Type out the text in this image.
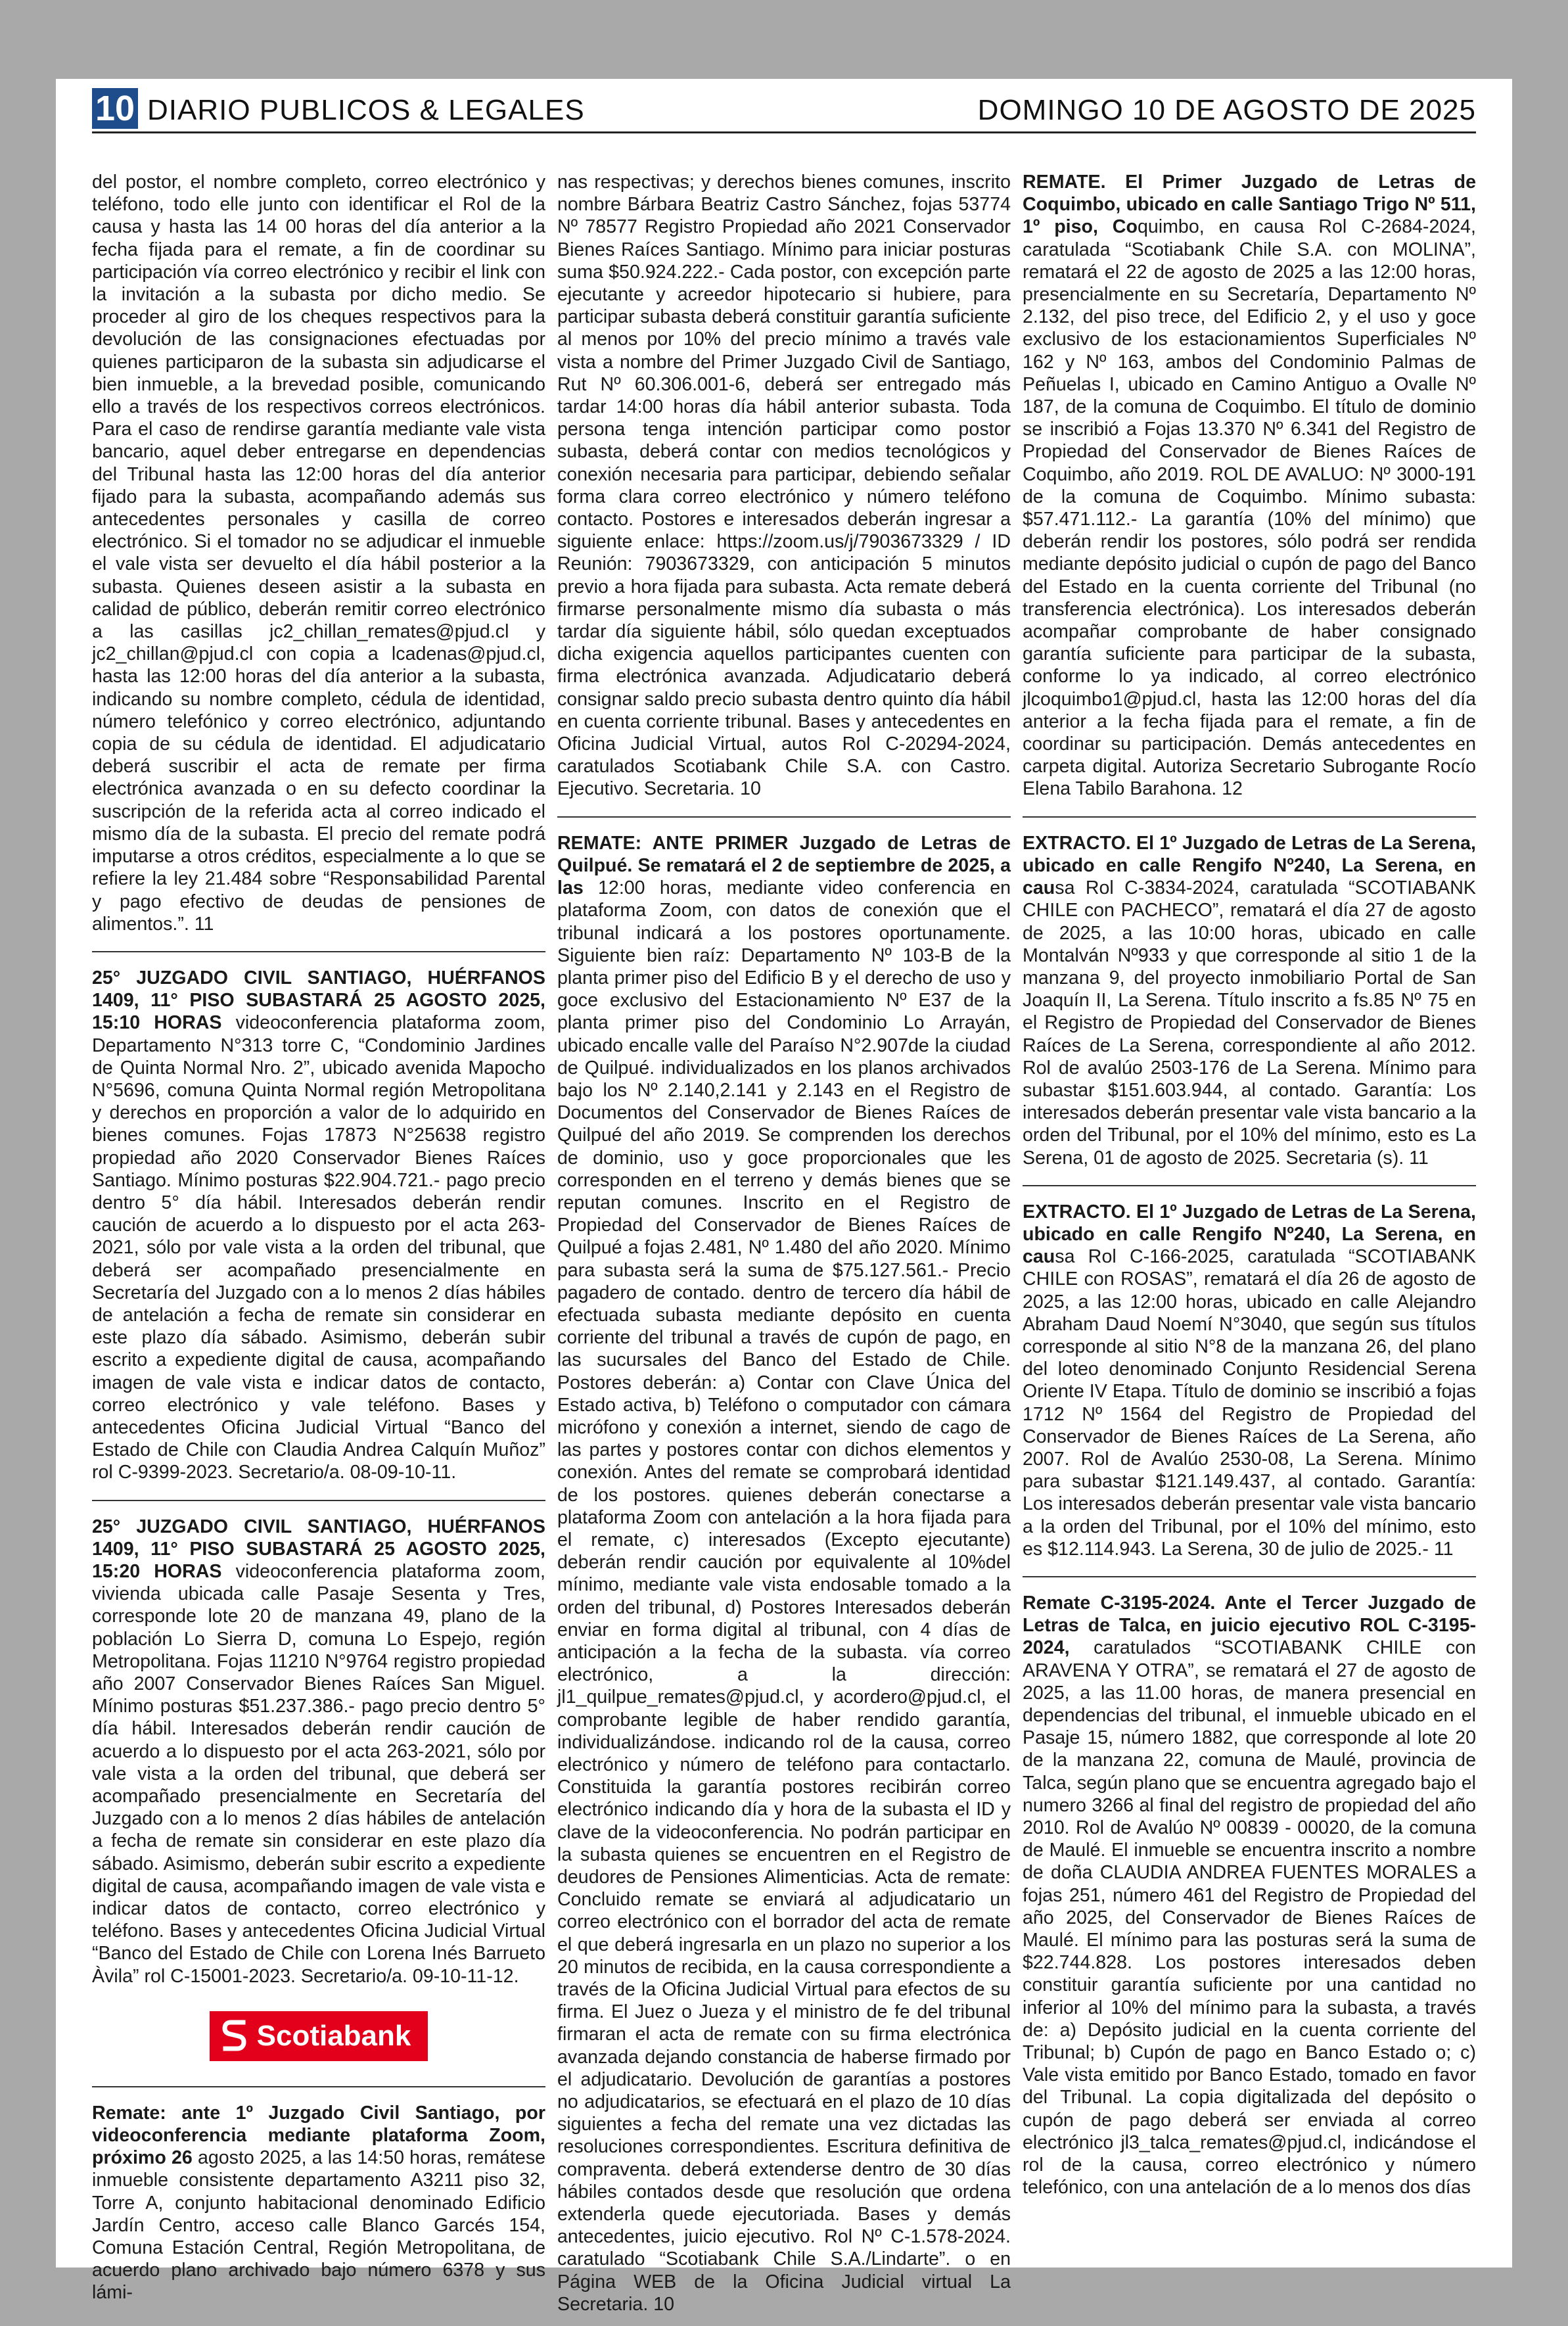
10 DIARIO PUBLICOS & LEGALES	DOMINGO 10 DE AGOSTO DE 2025

del postor, el nombre completo, correo electrónico y teléfono, todo elle junto con identificar el Rol de la causa y hasta las 14 00 horas del día anterior a la fecha fijada para el remate, a fin de coordinar su participación vía correo electrónico y recibir el link con la invitación a la subasta por dicho medio. Se proceder al giro de los cheques respectivos para la devolución de las consignaciones efectuadas por quienes participaron de la subasta sin adjudicarse el bien inmueble, a la brevedad posible, comunicando ello a través de los respectivos correos electrónicos. Para el caso de rendirse garantía mediante vale vista bancario, aquel deber entregarse en dependencias del Tribunal hasta las 12:00 horas del día anterior fijado para la subasta, acompañando además sus antecedentes personales y casilla de correo electrónico. Si el tomador no se adjudicar el inmueble el vale vista ser devuelto el día hábil posterior a la subasta. Quienes deseen asistir a la subasta en calidad de público, deberán remitir correo electrónico a las casillas jc2_chillan_remates@pjud.cl y jc2_chillan@pjud.cl con copia a lcadenas@pjud.cl, hasta las 12:00 horas del día anterior a la subasta, indicando su nombre completo, cédula de identidad, número telefónico y correo electrónico, adjuntando copia de su cédula de identidad. El adjudicatario deberá suscribir el acta de remate per firma electrónica avanzada o en su defecto coordinar la suscripción de la referida acta al correo indicado el mismo día de la subasta. El precio del remate podrá imputarse a otros créditos, especialmente a lo que se refiere la ley 21.484 sobre “Responsabilidad Parental y pago efectivo de deudas de pensiones de alimentos.”. 11

25° JUZGADO CIVIL SANTIAGO, HUÉRFANOS 1409, 11° PISO SUBASTARÁ 25 AGOSTO 2025, 15:10 HORAS videoconferencia plataforma zoom, Departamento N°313 torre C, “Condominio Jardines de Quinta Normal Nro. 2”, ubicado avenida Mapocho N°5696, comuna Quinta Normal región Metropolitana y derechos en proporción a valor de lo adquirido en bienes comunes. Fojas 17873 N°25638 registro propiedad año 2020 Conservador Bienes Raíces Santiago. Mínimo posturas $22.904.721.- pago precio dentro 5° día hábil. Interesados deberán rendir caución de acuerdo a lo dispuesto por el acta 263-2021, sólo por vale vista a la orden del tribunal, que deberá ser acompañado presencialmente en Secretaría del Juzgado con a lo menos 2 días hábiles de antelación a fecha de remate sin considerar en este plazo día sábado. Asimismo, deberán subir escrito a expediente digital de causa, acompañando imagen de vale vista e indicar datos de contacto, correo electrónico y vale teléfono. Bases y antecedentes Oficina Judicial Virtual “Banco del Estado de Chile con Claudia Andrea Calquín Muñoz” rol C-9399-2023. Secretario/a. 08-09-10-11.

25° JUZGADO CIVIL SANTIAGO, HUÉRFANOS 1409, 11° PISO SUBASTARÁ 25 AGOSTO 2025, 15:20 HORAS videoconferencia plataforma zoom, vivienda ubicada calle Pasaje Sesenta y Tres, corresponde lote 20 de manzana 49, plano de la población Lo Sierra D, comuna Lo Espejo, región Metropolitana. Fojas 11210 N°9764 registro propiedad año 2007 Conservador Bienes Raíces San Miguel. Mínimo posturas $51.237.386.- pago precio dentro 5° día hábil. Interesados deberán rendir caución de acuerdo a lo dispuesto por el acta 263-2021, sólo por vale vista a la orden del tribunal, que deberá ser acompañado presencialmente en Secretaría del Juzgado con a lo menos 2 días hábiles de antelación a fecha de remate sin considerar en este plazo día sábado. Asimismo, deberán subir escrito a expediente digital de causa, acompañando imagen de vale vista e indicar datos de contacto, correo electrónico y teléfono. Bases y antecedentes Oficina Judicial Virtual “Banco del Estado de Chile con Lorena Inés Barrueto Àvila” rol C-15001-2023. Secretario/a. 09-10-11-12.

Scotiabank

Remate: ante 1º Juzgado Civil Santiago, por videoconferencia mediante plataforma Zoom, próximo 26 agosto 2025, a las 14:50 horas, remátese inmueble consistente departamento A3211 piso 32, Torre A, conjunto habitacional denominado Edificio Jardín Centro, acceso calle Blanco Garcés 154, Comuna Estación Central, Región Metropolitana, de acuerdo plano archivado bajo número 6378 y sus lámi-

nas respectivas; y derechos bienes comunes, inscrito nombre Bárbara Beatriz Castro Sánchez, fojas 53774 Nº 78577 Registro Propiedad año 2021 Conservador Bienes Raíces Santiago. Mínimo para iniciar posturas suma $50.924.222.- Cada postor, con excepción parte ejecutante y acreedor hipotecario si hubiere, para participar subasta deberá constituir garantía suficiente al menos por 10% del precio mínimo a través vale vista a nombre del Primer Juzgado Civil de Santiago, Rut Nº 60.306.001-6, deberá ser entregado más tardar 14:00 horas día hábil anterior subasta. Toda persona tenga intención participar como postor subasta, deberá contar con medios tecnológicos y conexión necesaria para participar, debiendo señalar forma clara correo electrónico y número teléfono contacto. Postores e interesados deberán ingresar a siguiente enlace: https://zoom.us/j/7903673329 / ID Reunión: 7903673329, con anticipación 5 minutos previo a hora fijada para subasta. Acta remate deberá firmarse personalmente mismo día subasta o más tardar día siguiente hábil, sólo quedan exceptuados dicha exigencia aquellos participantes cuenten con firma electrónica avanzada. Adjudicatario deberá consignar saldo precio subasta dentro quinto día hábil en cuenta corriente tribunal. Bases y antecedentes en Oficina Judicial Virtual, autos Rol C-20294-2024, caratulados Scotiabank Chile S.A. con Castro. Ejecutivo. Secretaria. 10

REMATE: ANTE PRIMER Juzgado de Letras de Quilpué. Se rematará el 2 de septiembre de 2025, a las 12:00 horas, mediante video conferencia en plataforma Zoom, con datos de conexión que el tribunal indicará a los postores oportunamente. Siguiente bien raíz: Departamento Nº 103-B de la planta primer piso del Edificio B y el derecho de uso y goce exclusivo del Estacionamiento Nº E37 de la planta primer piso del Condominio Lo Arrayán, ubicado encalle valle del Paraíso N°2.907de la ciudad de Quilpué. individualizados en los planos archivados bajo los Nº 2.140,2.141 y 2.143 en el Registro de Documentos del Conservador de Bienes Raíces de Quilpué del año 2019. Se comprenden los derechos de dominio, uso y goce proporcionales que les corresponden en el terreno y demás bienes que se reputan comunes. Inscrito en el Registro de Propiedad del Conservador de Bienes Raíces de Quilpué a fojas 2.481, Nº 1.480 del año 2020. Mínimo para subasta será la suma de $75.127.561.- Precio pagadero de contado. dentro de tercero día hábil de efectuada subasta mediante depósito en cuenta corriente del tribunal a través de cupón de pago, en las sucursales del Banco del Estado de Chile. Postores deberán: a) Contar con Clave Única del Estado activa, b) Teléfono o computador con cámara micrófono y conexión a internet, siendo de cago de las partes y postores contar con dichos elementos y conexión. Antes del remate se comprobará identidad de los postores. quienes deberán conectarse a plataforma Zoom con antelación a la hora fijada para el remate, c) interesados (Excepto ejecutante) deberán rendir caución por equivalente al 10%del mínimo, mediante vale vista endosable tomado a la orden del tribunal, d) Postores Interesados deberán enviar en forma digital al tribunal, con 4 días de anticipación a la fecha de la subasta. vía correo electrónico, a la dirección: jl1_quilpue_remates@pjud.cl, y acordero@pjud.cl, el comprobante legible de haber rendido garantía, individualizándose. indicando rol de la causa, correo electrónico y número de teléfono para contactarlo. Constituida la garantía postores recibirán correo electrónico indicando día y hora de la subasta el ID y clave de la videoconferencia. No podrán participar en la subasta quienes se encuentren en el Registro de deudores de Pensiones Alimenticias. Acta de remate: Concluido remate se enviará al adjudicatario un correo electrónico con el borrador del acta de remate el que deberá ingresarla en un plazo no superior a los 20 minutos de recibida, en la causa correspondiente a través de la Oficina Judicial Virtual para efectos de su firma. El Juez o Jueza y el ministro de fe del tribunal firmaran el acta de remate con su firma electrónica avanzada dejando constancia de haberse firmado por el adjudicatario. Devolución de garantías a postores no adjudicatarios, se efectuará en el plazo de 10 días siguientes a fecha del remate una vez dictadas las resoluciones correspondientes. Escritura definitiva de compraventa. deberá extenderse dentro de 30 días hábiles contados desde que resolución que ordena extenderla quede ejecutoriada. Bases y demás antecedentes, juicio ejecutivo. Rol Nº C-1.578-2024. caratulado “Scotiabank Chile S.A./Lindarte”. o en Página WEB de la Oficina Judicial virtual La Secretaria. 10

REMATE. El Primer Juzgado de Letras de Coquimbo, ubicado en calle Santiago Trigo Nº 511, 1º piso, Coquimbo, en causa Rol C-2684-2024, caratulada “Scotiabank Chile S.A. con MOLINA”, rematará el 22 de agosto de 2025 a las 12:00 horas, presencialmente en su Secretaría, Departamento Nº 2.132, del piso trece, del Edificio 2, y el uso y goce exclusivo de los estacionamientos Superficiales Nº 162 y Nº 163, ambos del Condominio Palmas de Peñuelas I, ubicado en Camino Antiguo a Ovalle Nº 187, de la comuna de Coquimbo. El título de dominio se inscribió a Fojas 13.370 Nº 6.341 del Registro de Propiedad del Conservador de Bienes Raíces de Coquimbo, año 2019. ROL DE AVALUO: Nº 3000-191 de la comuna de Coquimbo. Mínimo subasta: $57.471.112.- La garantía (10% del mínimo) que deberán rendir los postores, sólo podrá ser rendida mediante depósito judicial o cupón de pago del Banco del Estado en la cuenta corriente del Tribunal (no transferencia electrónica). Los interesados deberán acompañar comprobante de haber consignado garantía suficiente para participar de la subasta, conforme lo ya indicado, al correo electrónico jlcoquimbo1@pjud.cl, hasta las 12:00 horas del día anterior a la fecha fijada para el remate, a fin de coordinar su participación. Demás antecedentes en carpeta digital. Autoriza Secretario Subrogante Rocío Elena Tabilo Barahona. 12

EXTRACTO. El 1º Juzgado de Letras de La Serena, ubicado en calle Rengifo Nº240, La Serena, en causa Rol C-3834-2024, caratulada “SCOTIABANK CHILE con PACHECO”, rematará el día 27 de agosto de 2025, a las 10:00 horas, ubicado en calle Montalván Nº933 y que corresponde al sitio 1 de la manzana 9, del proyecto inmobiliario Portal de San Joaquín II, La Serena. Título inscrito a fs.85 Nº 75 en el Registro de Propiedad del Conservador de Bienes Raíces de La Serena, correspondiente al año 2012. Rol de avalúo 2503-176 de La Serena. Mínimo para subastar $151.603.944, al contado. Garantía: Los interesados deberán presentar vale vista bancario a la orden del Tribunal, por el 10% del mínimo, esto es La Serena, 01 de agosto de 2025. Secretaria (s). 11

EXTRACTO. El 1º Juzgado de Letras de La Serena, ubicado en calle Rengifo Nº240, La Serena, en causa Rol C-166-2025, caratulada “SCOTIABANK CHILE con ROSAS”, rematará el día 26 de agosto de 2025, a las 12:00 horas, ubicado en calle Alejandro Abraham Daud Noemí N°3040, que según sus títulos corresponde al sitio N°8 de la manzana 26, del plano del loteo denominado Conjunto Residencial Serena Oriente IV Etapa. Título de dominio se inscribió a fojas 1712 Nº 1564 del Registro de Propiedad del Conservador de Bienes Raíces de La Serena, año 2007. Rol de Avalúo 2530-08, La Serena. Mínimo para subastar $121.149.437, al contado. Garantía: Los interesados deberán presentar vale vista bancario a la orden del Tribunal, por el 10% del mínimo, esto es $12.114.943. La Serena, 30 de julio de 2025.- 11

Remate C-3195-2024. Ante el Tercer Juzgado de Letras de Talca, en juicio ejecutivo ROL C-3195- 2024, caratulados “SCOTIABANK CHILE con ARAVENA Y OTRA”, se rematará el 27 de agosto de 2025, a las 11.00 horas, de manera presencial en dependencias del tribunal, el inmueble ubicado en el Pasaje 15, número 1882, que corresponde al lote 20 de la manzana 22, comuna de Maulé, provincia de Talca, según plano que se encuentra agregado bajo el numero 3266 al final del registro de propiedad del año 2010. Rol de Avalúo Nº 00839 - 00020, de la comuna de Maulé. El inmueble se encuentra inscrito a nombre de doña CLAUDIA ANDREA FUENTES MORALES a fojas 251, número 461 del Registro de Propiedad del año 2025, del Conservador de Bienes Raíces de Maulé. El mínimo para las posturas será la suma de $22.744.828. Los postores interesados deben constituir garantía suficiente por una cantidad no inferior al 10% del mínimo para la subasta, a través de: a) Depósito judicial en la cuenta corriente del Tribunal; b) Cupón de pago en Banco Estado o; c) Vale vista emitido por Banco Estado, tomado en favor del Tribunal. La copia digitalizada del depósito o cupón de pago deberá ser enviada al correo electrónico jl3_talca_remates@pjud.cl, indicándose el rol de la causa, correo electrónico y número telefónico, con una antelación de a lo menos dos días
